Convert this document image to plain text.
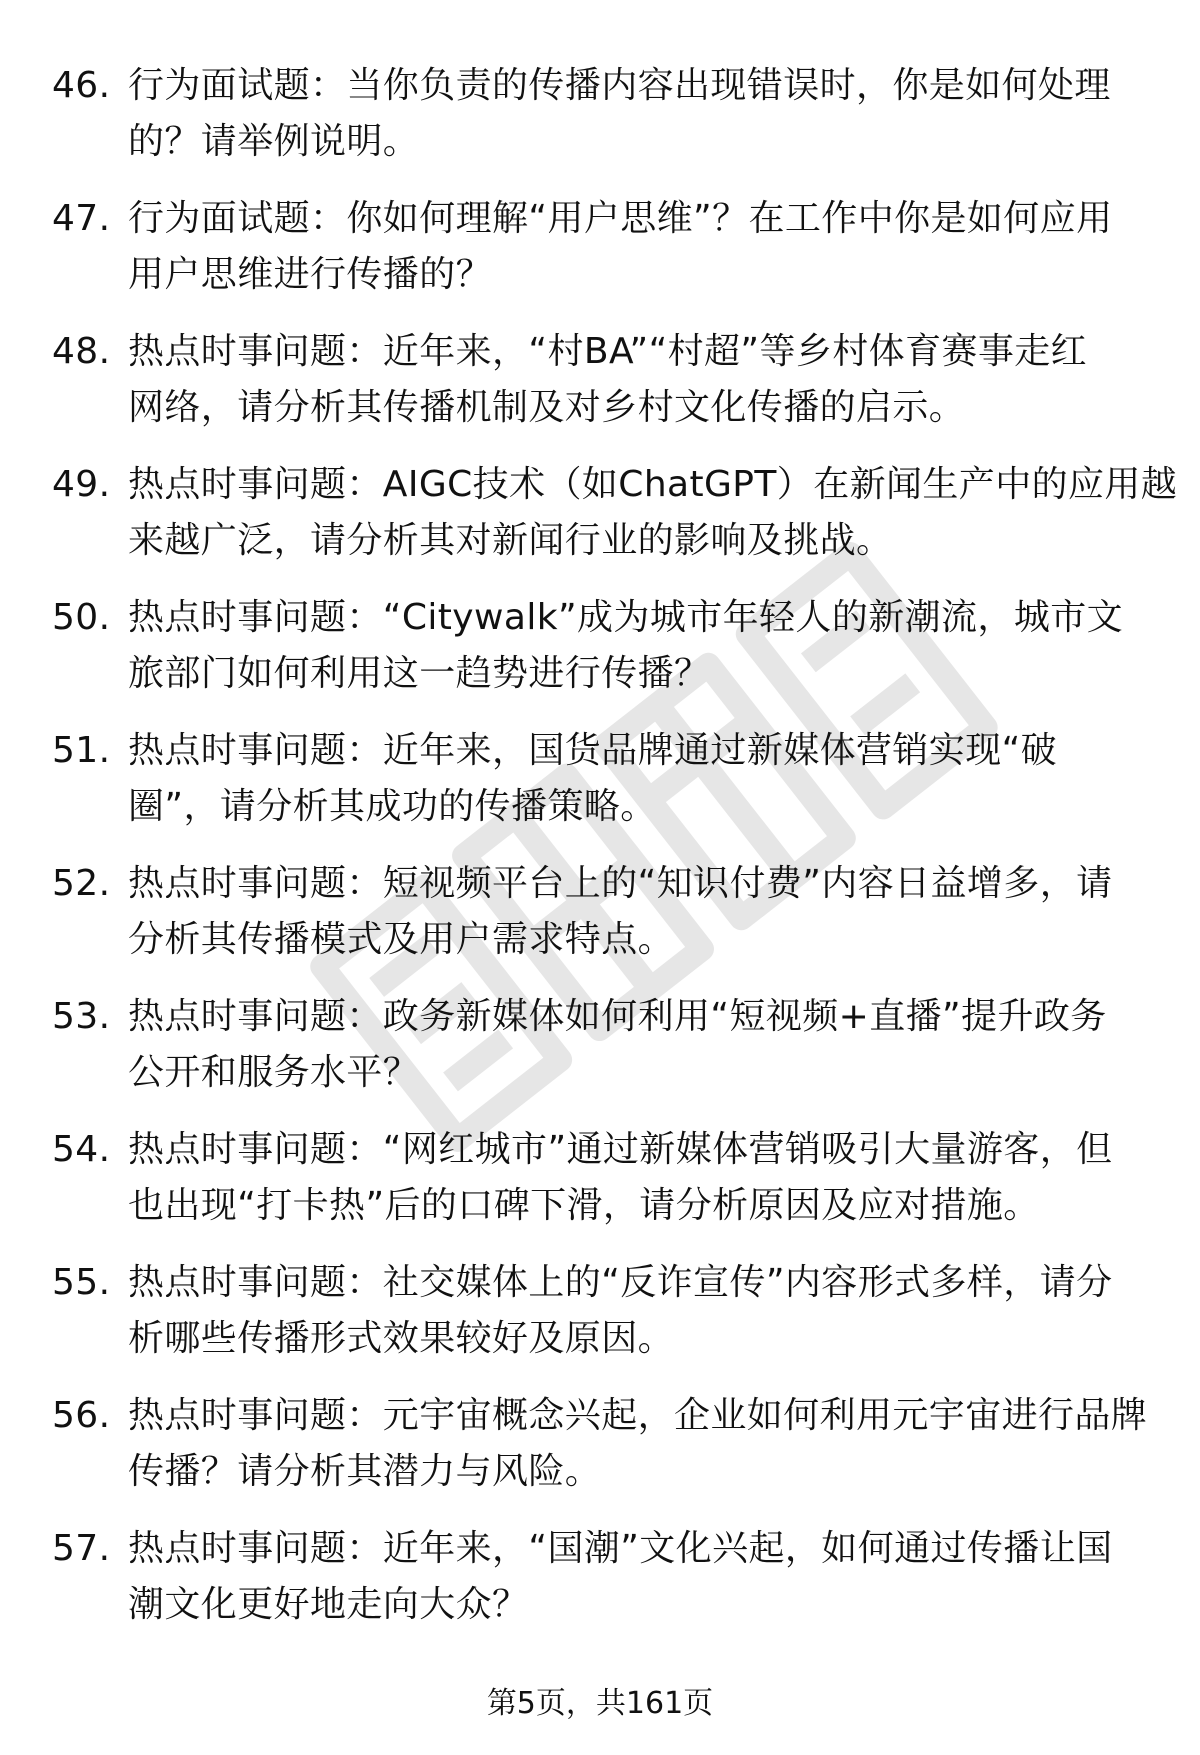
46. 行为面试题：当你负责的传播内容出现错误时，你是如何处理
的？请举例说明。
47. 行为面试题：你如何理解“用户思维”？在工作中你是如何应用
用户思维进行传播的？
48. 热点时事问题：近年来，“村BA”“村超”等乡村体育赛事走红
网络，请分析其传播机制及对乡村文化传播的启示。
49. 热点时事问题：AIGC技术（如ChatGPT）在新闻生产中的应用越
来越广泛，请分析其对新闻行业的影响及挑战。
50. 热点时事问题：“Citywalk”成为城市年轻人的新潮流，城市文
旅部门如何利用这一趋势进行传播？
51. 热点时事问题：近年来，国货品牌通过新媒体营销实现“破
圈”，请分析其成功的传播策略。
52. 热点时事问题：短视频平台上的“知识付费”内容日益增多，请
分析其传播模式及用户需求特点。
53. 热点时事问题：政务新媒体如何利用“短视频+直播”提升政务
公开和服务水平？
54. 热点时事问题：“网红城市”通过新媒体营销吸引大量游客，但
也出现“打卡热”后的口碑下滑，请分析原因及应对措施。
55. 热点时事问题：社交媒体上的“反诈宣传”内容形式多样，请分
析哪些传播形式效果较好及原因。
56. 热点时事问题：元宇宙概念兴起，企业如何利用元宇宙进行品牌
传播？请分析其潜力与风险。
57. 热点时事问题：近年来，“国潮”文化兴起，如何通过传播让国
潮文化更好地走向大众？
第5页，共161页
